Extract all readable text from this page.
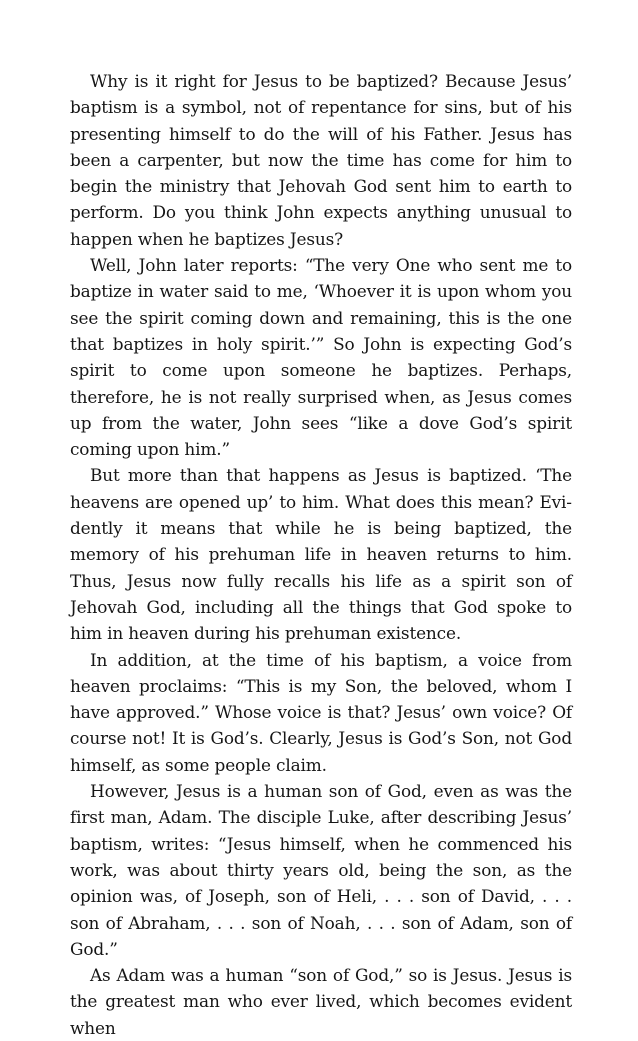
Why is it right for Jesus to be baptized? Because Jesus’ baptism is a symbol, not of repentance for sins, but of his presenting himself to do the will of his Father. Jesus has been a carpenter, but now the time has come for him to begin the ministry that Jehovah God sent him to earth to perform. Do you think John expects anything unusual to happen when he baptizes Jesus?

Well, John later reports: “The very One who sent me to baptize in water said to me, ‘Whoever it is upon whom you see the spirit coming down and remaining, this is the one that baptizes in holy spirit.’” So John is expecting God’s spirit to come upon someone he baptizes. Perhaps, therefore, he is not really surprised when, as Jesus comes up from the water, John sees “like a dove God’s spirit coming upon him.”

But more than that happens as Jesus is baptized. ‘The heavens are opened up’ to him. What does this mean? Evidently it means that while he is being baptized, the memory of his prehuman life in heaven returns to him. Thus, Jesus now fully recalls his life as a spirit son of Jehovah God, including all the things that God spoke to him in heaven during his prehuman existence.

In addition, at the time of his baptism, a voice from heaven proclaims: “This is my Son, the beloved, whom I have approved.” Whose voice is that? Jesus’ own voice? Of course not! It is God’s. Clearly, Jesus is God’s Son, not God himself, as some people claim.

However, Jesus is a human son of God, even as was the first man, Adam. The disciple Luke, after describing Jesus’ baptism, writes: “Jesus himself, when he commenced his work, was about thirty years old, being the son, as the opinion was, of Joseph, son of Heli, . . . son of David, . . . son of Abraham, . . . son of Noah, . . . son of Adam, son of God.”

As Adam was a human “son of God,” so is Jesus. Jesus is the greatest man who ever lived, which becomes evident when
